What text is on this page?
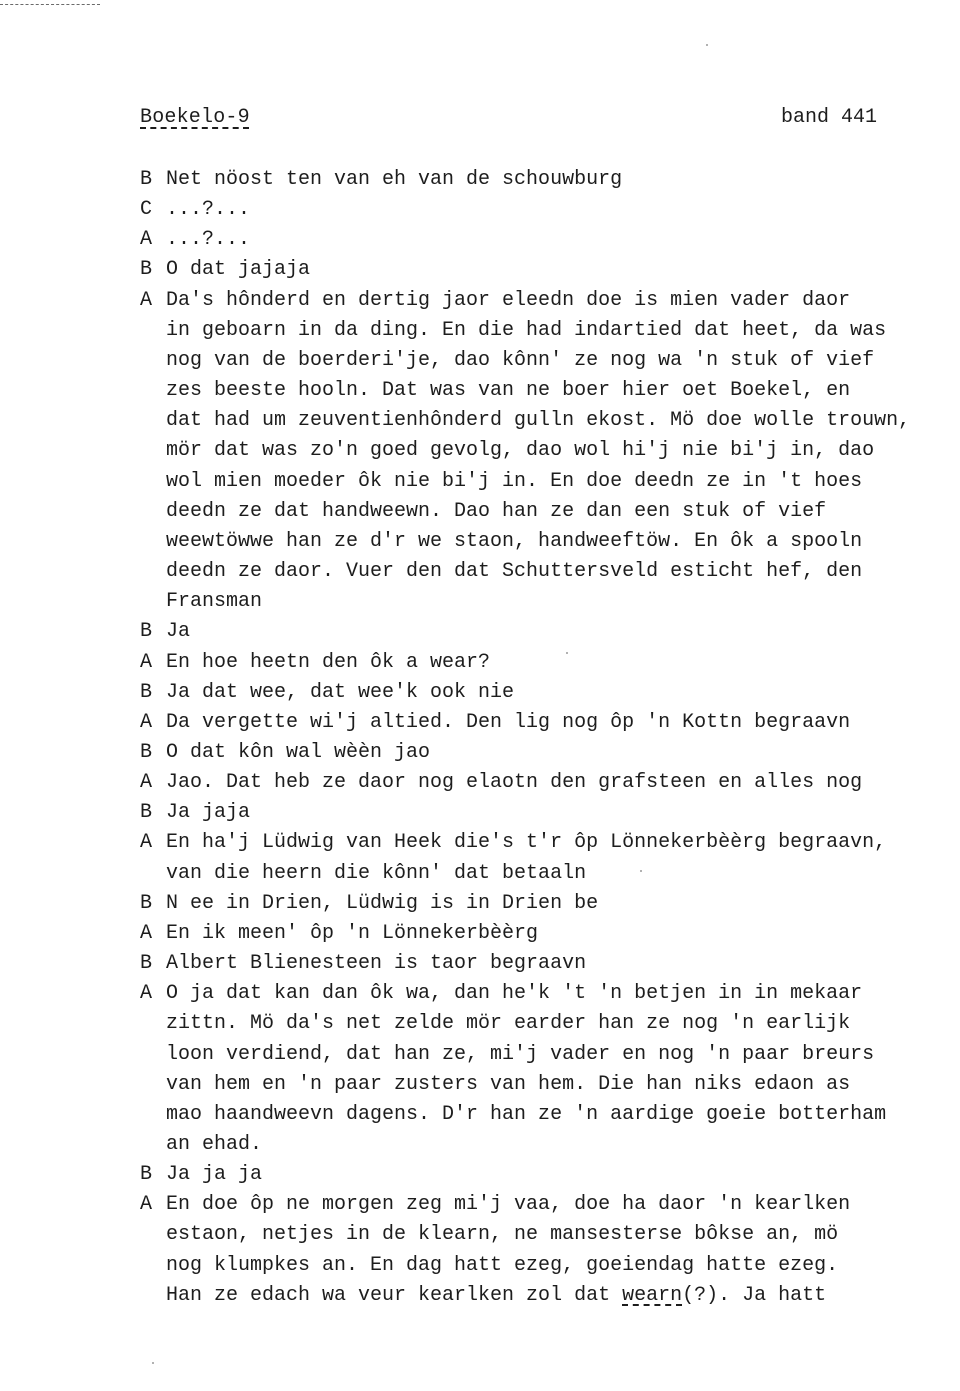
Boekelo-9	band 441
B Net nöost ten van eh van de schouwburg
C ...?...
A ...?...
B O dat jajaja
A Da's hônderd en dertig jaor eleedn doe is mien vader daor
in geboarn in da ding. En die had indartied dat heet, da was
nog van de boerderi'je, dao kônn' ze nog wa 'n stuk of vief
zes beeste hooln. Dat was van ne boer hier oet Boekel, en
dat had um zeuventienhônderd gulln ekost. Mö doe wolle trouwn,
mör dat was zo'n goed gevolg, dao wol hi'j nie bi'j in, dao
wol mien moeder ôk nie bi'j in. En doe deedn ze in 't hoes
deedn ze dat handweewn. Dao han ze dan een stuk of vief
weewtöwwe han ze d'r we staon, handweeftöw. En ôk a spooln
deedn ze daor. Vuer den dat Schuttersveld esticht hef, den
Fransman
B Ja
A En hoe heetn den ôk a wear?
B Ja dat wee, dat wee'k ook nie
A Da vergette wi'j altied. Den lig nog ôp 'n Kottn begraavn
B O dat kôn wal wèèn jao
A Jao. Dat heb ze daor nog elaotn den grafsteen en alles nog
B Ja jaja
A En ha'j Lüdwig van Heek die's t'r ôp Lönnekerbèèrg begraavn,
van die heern die kônn' dat betaaln
B N ee in Drien, Lüdwig is in Drien be
A En ik meen' ôp 'n Lönnekerbèèrg
B Albert Blienesteen is taor begraavn
A O ja dat kan dan ôk wa, dan he'k 't 'n betjen in in mekaar
zittn. Mö da's net zelde mör earder han ze nog 'n earlijk
loon verdiend, dat han ze, mi'j vader en nog 'n paar breurs
van hem en 'n paar zusters van hem. Die han niks edaon as
mao haandweevn dagens. D'r han ze 'n aardige goeie botterham
an ehad.
B Ja ja ja
A En doe ôp ne morgen zeg mi'j vaa, doe ha daor 'n kearlken
estaon, netjes in de klearn, ne mansesterse bôkse an, mö
nog klumpkes an. En dag hatt ezeg, goeiendag hatte ezeg.
Han ze edach wa veur kearlken zol dat wearn(?). Ja hatt
